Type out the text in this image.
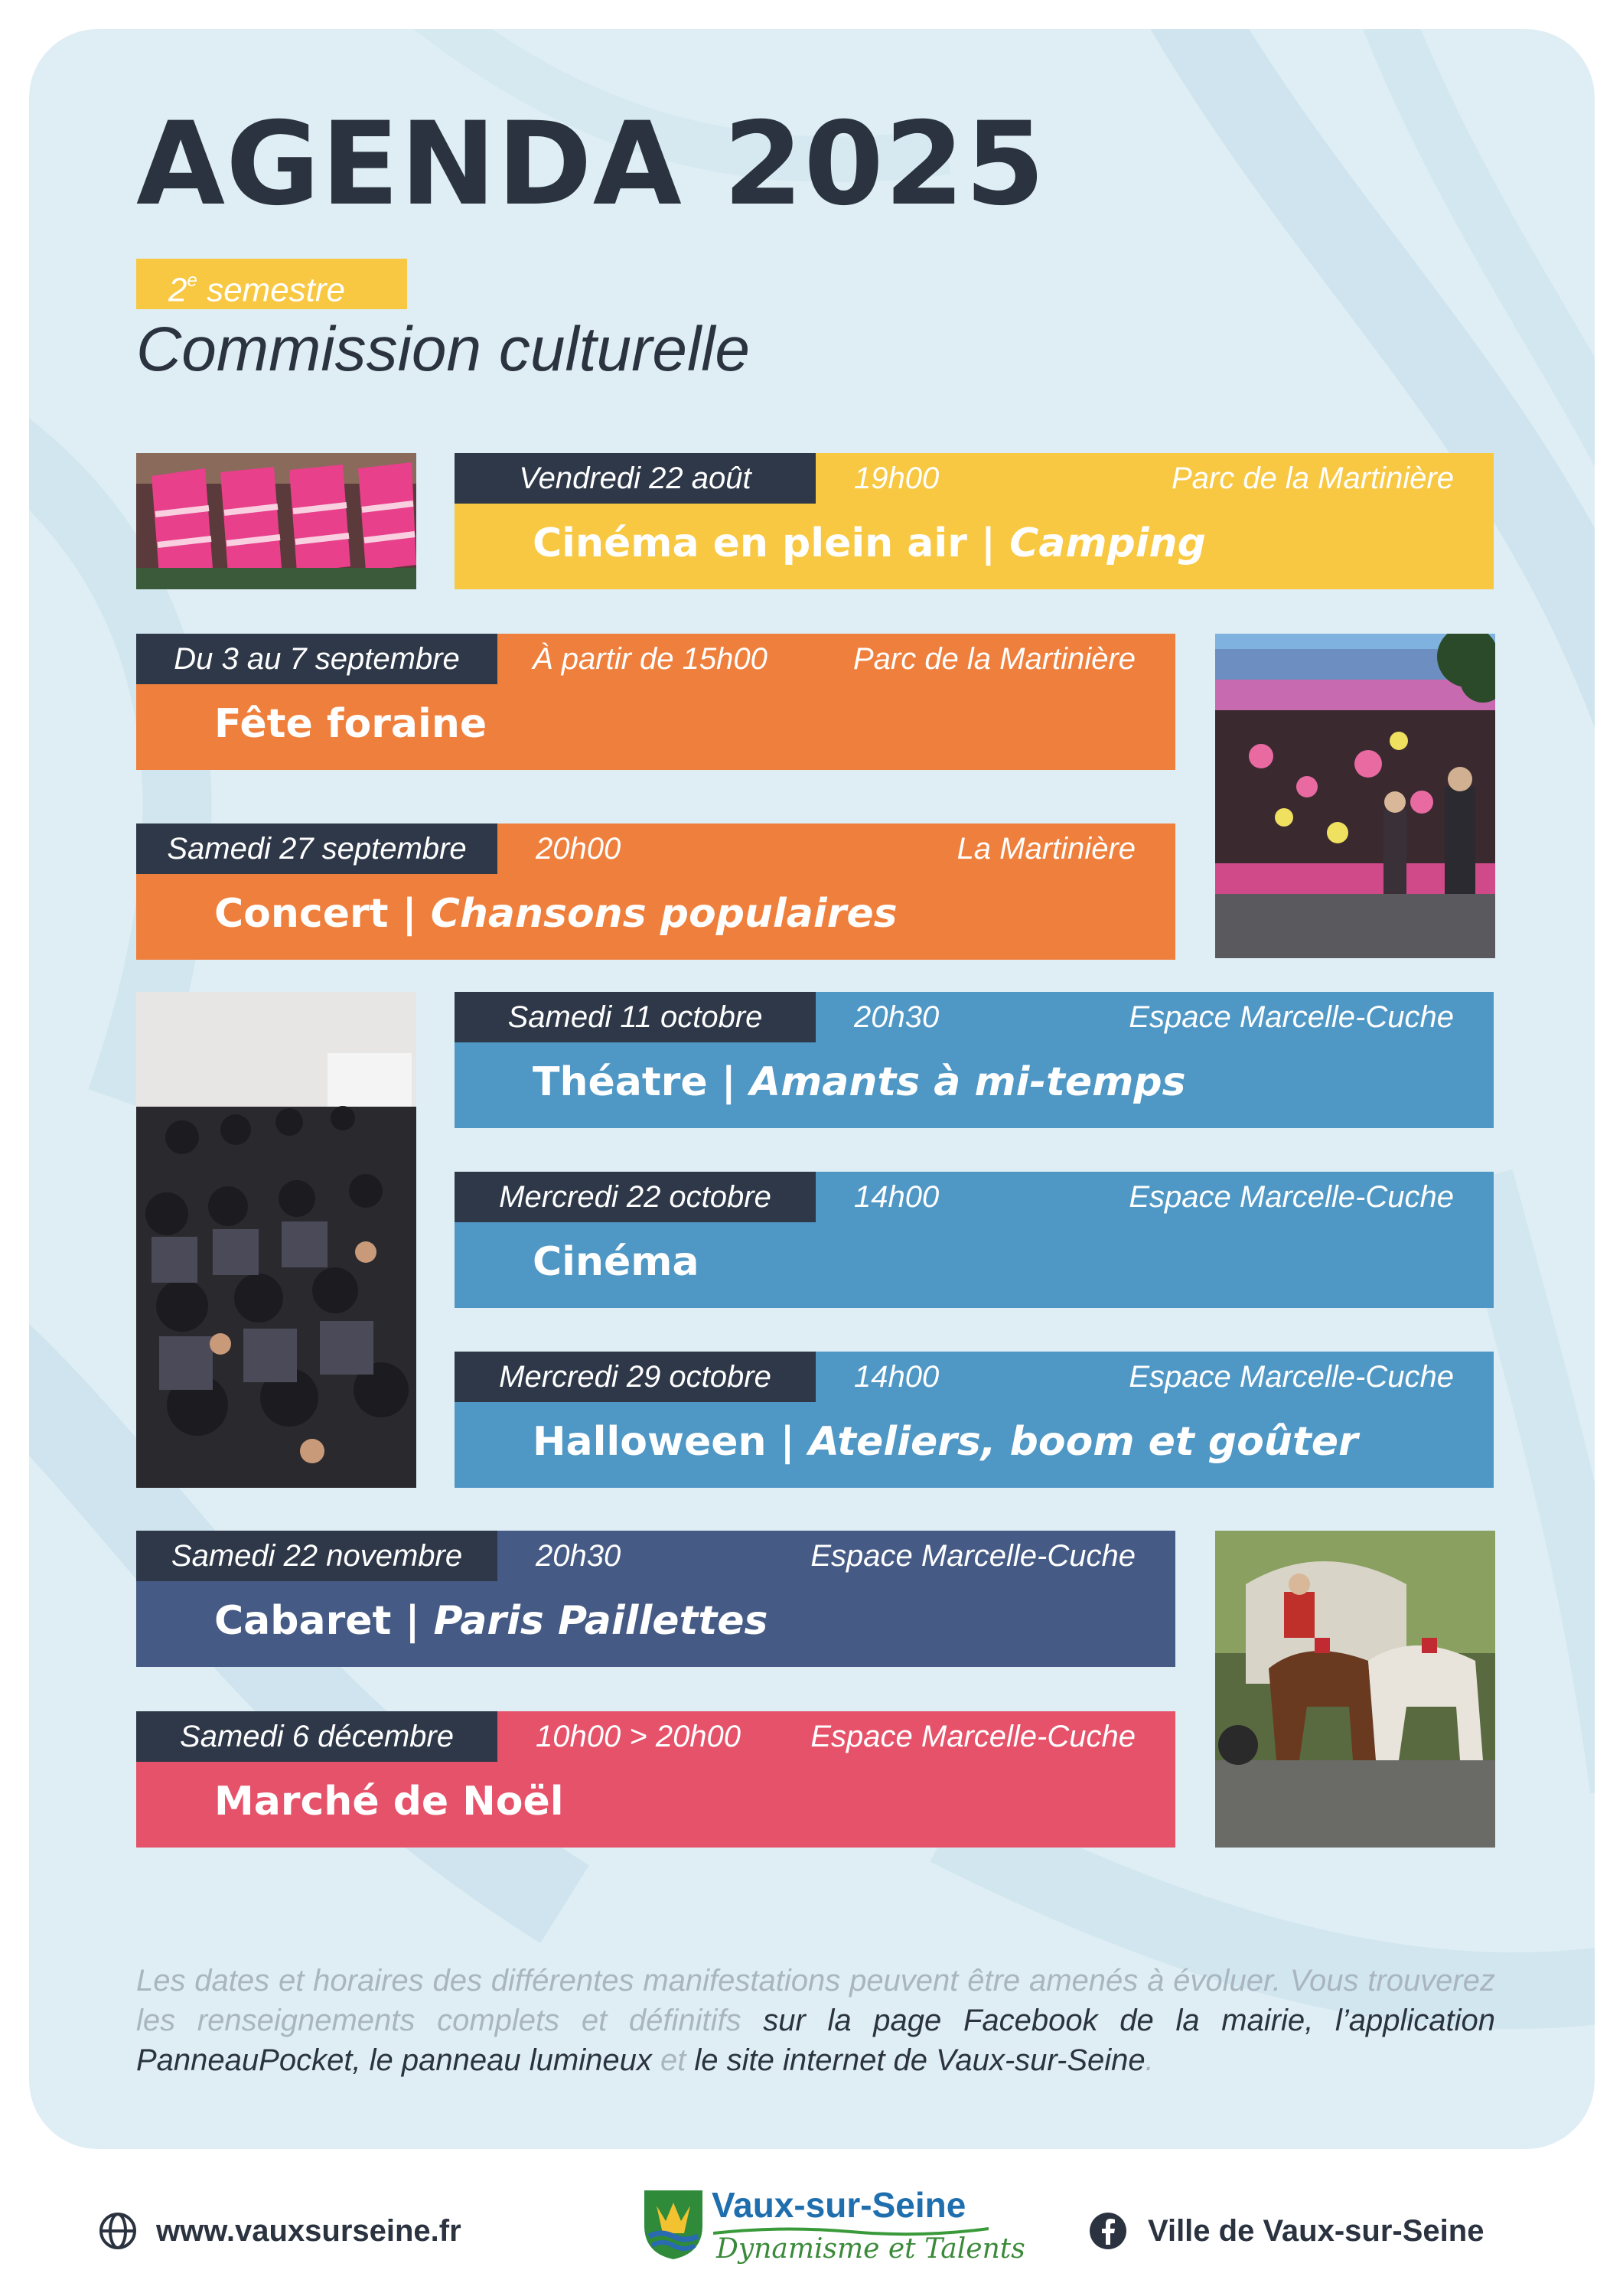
AGENDA 2025
2e semestre
Commission culturelle
Vendredi 22 août	19h00	Parc de la Martinière
Cinéma en plein air | Camping
Du 3 au 7 septembre	À partir de 15h00	Parc de la Martinière
Fête foraine
Samedi 27 septembre	20h00	La Martinière
Concert | Chansons populaires
Samedi 11 octobre	20h30	Espace Marcelle-Cuche
Théatre | Amants à mi-temps
Mercredi 22 octobre	14h00	Espace Marcelle-Cuche
Cinéma
Mercredi 29 octobre	14h00	Espace Marcelle-Cuche
Halloween | Ateliers, boom et goûter
Samedi 22 novembre	20h30	Espace Marcelle-Cuche
Cabaret | Paris Paillettes
Samedi 6 décembre	10h00 > 20h00 Espace Marcelle-Cuche
Marché de Noël
Les dates et horaires des différentes manifestations peuvent être amenés à évoluer. Vous trouverez les renseignements complets et définitifs sur la page Facebook de la mairie, l’application PanneauPocket, le panneau lumineux et le site internet de Vaux-sur-Seine.
www.vauxsurseine.fr
Vaux-sur-Seine
Dynamisme et Talents
Ville de Vaux-sur-Seine
